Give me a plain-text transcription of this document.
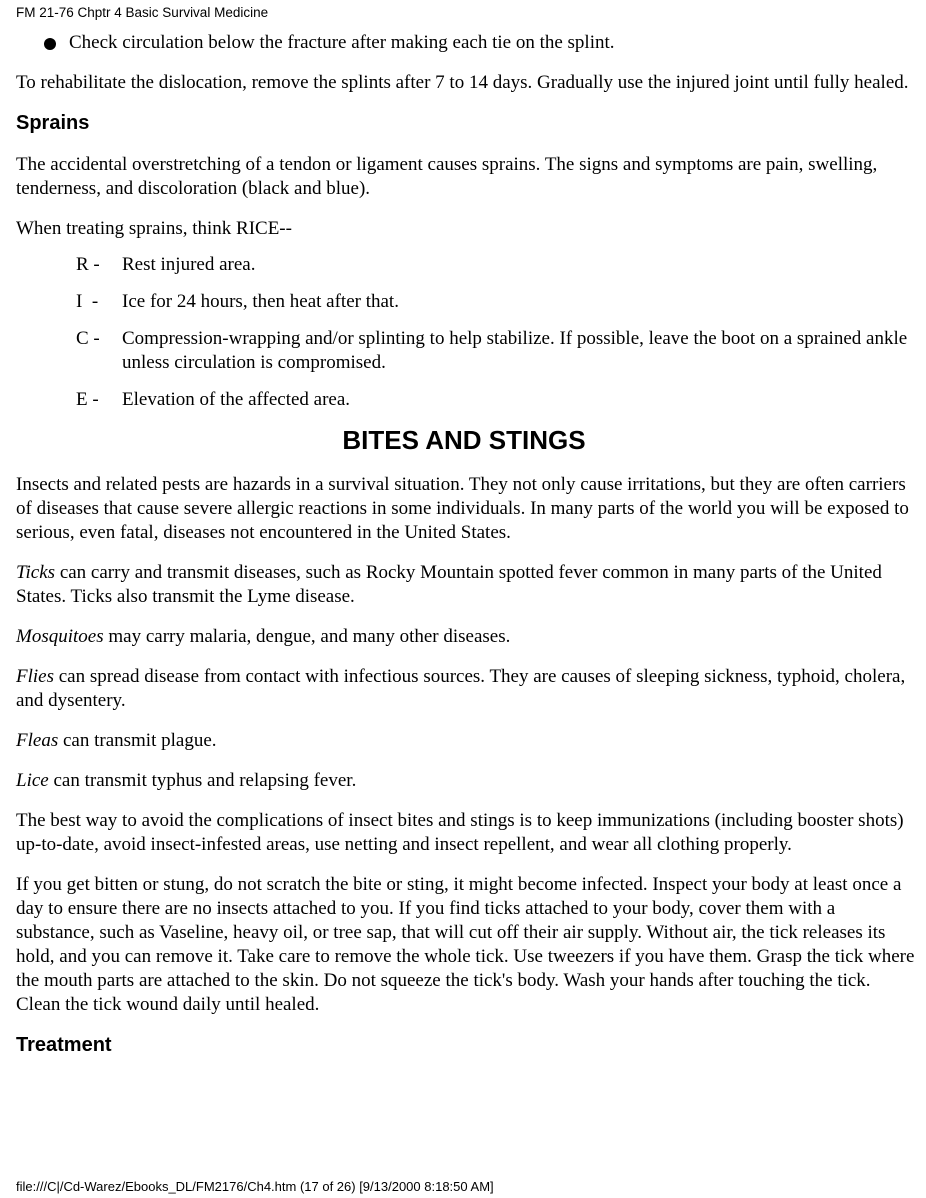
FM 21-76 Chptr 4 Basic Survival Medicine
Check circulation below the fracture after making each tie on the splint.

To rehabilitate the dislocation, remove the splints after 7 to 14 days. Gradually use the injured joint until fully healed.

Sprains

The accidental overstretching of a tendon or ligament causes sprains. The signs and symptoms are pain, swelling, tenderness, and discoloration (black and blue).

When treating sprains, think RICE--

R -	Rest injured area.
I  -	Ice for 24 hours, then heat after that.
C -	Compression-wrapping and/or splinting to help stabilize. If possible, leave the boot on a sprained ankle unless circulation is compromised.
E -	Elevation of the affected area.
BITES AND STINGS

Insects and related pests are hazards in a survival situation. They not only cause irritations, but they are often carriers of diseases that cause severe allergic reactions in some individuals. In many parts of the world you will be exposed to serious, even fatal, diseases not encountered in the United States.

Ticks can carry and transmit diseases, such as Rocky Mountain spotted fever common in many parts of the United States. Ticks also transmit the Lyme disease.

Mosquitoes may carry malaria, dengue, and many other diseases.

Flies can spread disease from contact with infectious sources. They are causes of sleeping sickness, typhoid, cholera, and dysentery.

Fleas can transmit plague.

Lice can transmit typhus and relapsing fever.

The best way to avoid the complications of insect bites and stings is to keep immunizations (including booster shots) up-to-date, avoid insect-infested areas, use netting and insect repellent, and wear all clothing properly.

If you get bitten or stung, do not scratch the bite or sting, it might become infected. Inspect your body at least once a day to ensure there are no insects attached to you. If you find ticks attached to your body, cover them with a substance, such as Vaseline, heavy oil, or tree sap, that will cut off their air supply. Without air, the tick releases its hold, and you can remove it. Take care to remove the whole tick. Use tweezers if you have them. Grasp the tick where the mouth parts are attached to the skin. Do not squeeze the tick's body. Wash your hands after touching the tick. Clean the tick wound daily until healed.

Treatment
file:///C|/Cd-Warez/Ebooks_DL/FM2176/Ch4.htm (17 of 26) [9/13/2000 8:18:50 AM]
